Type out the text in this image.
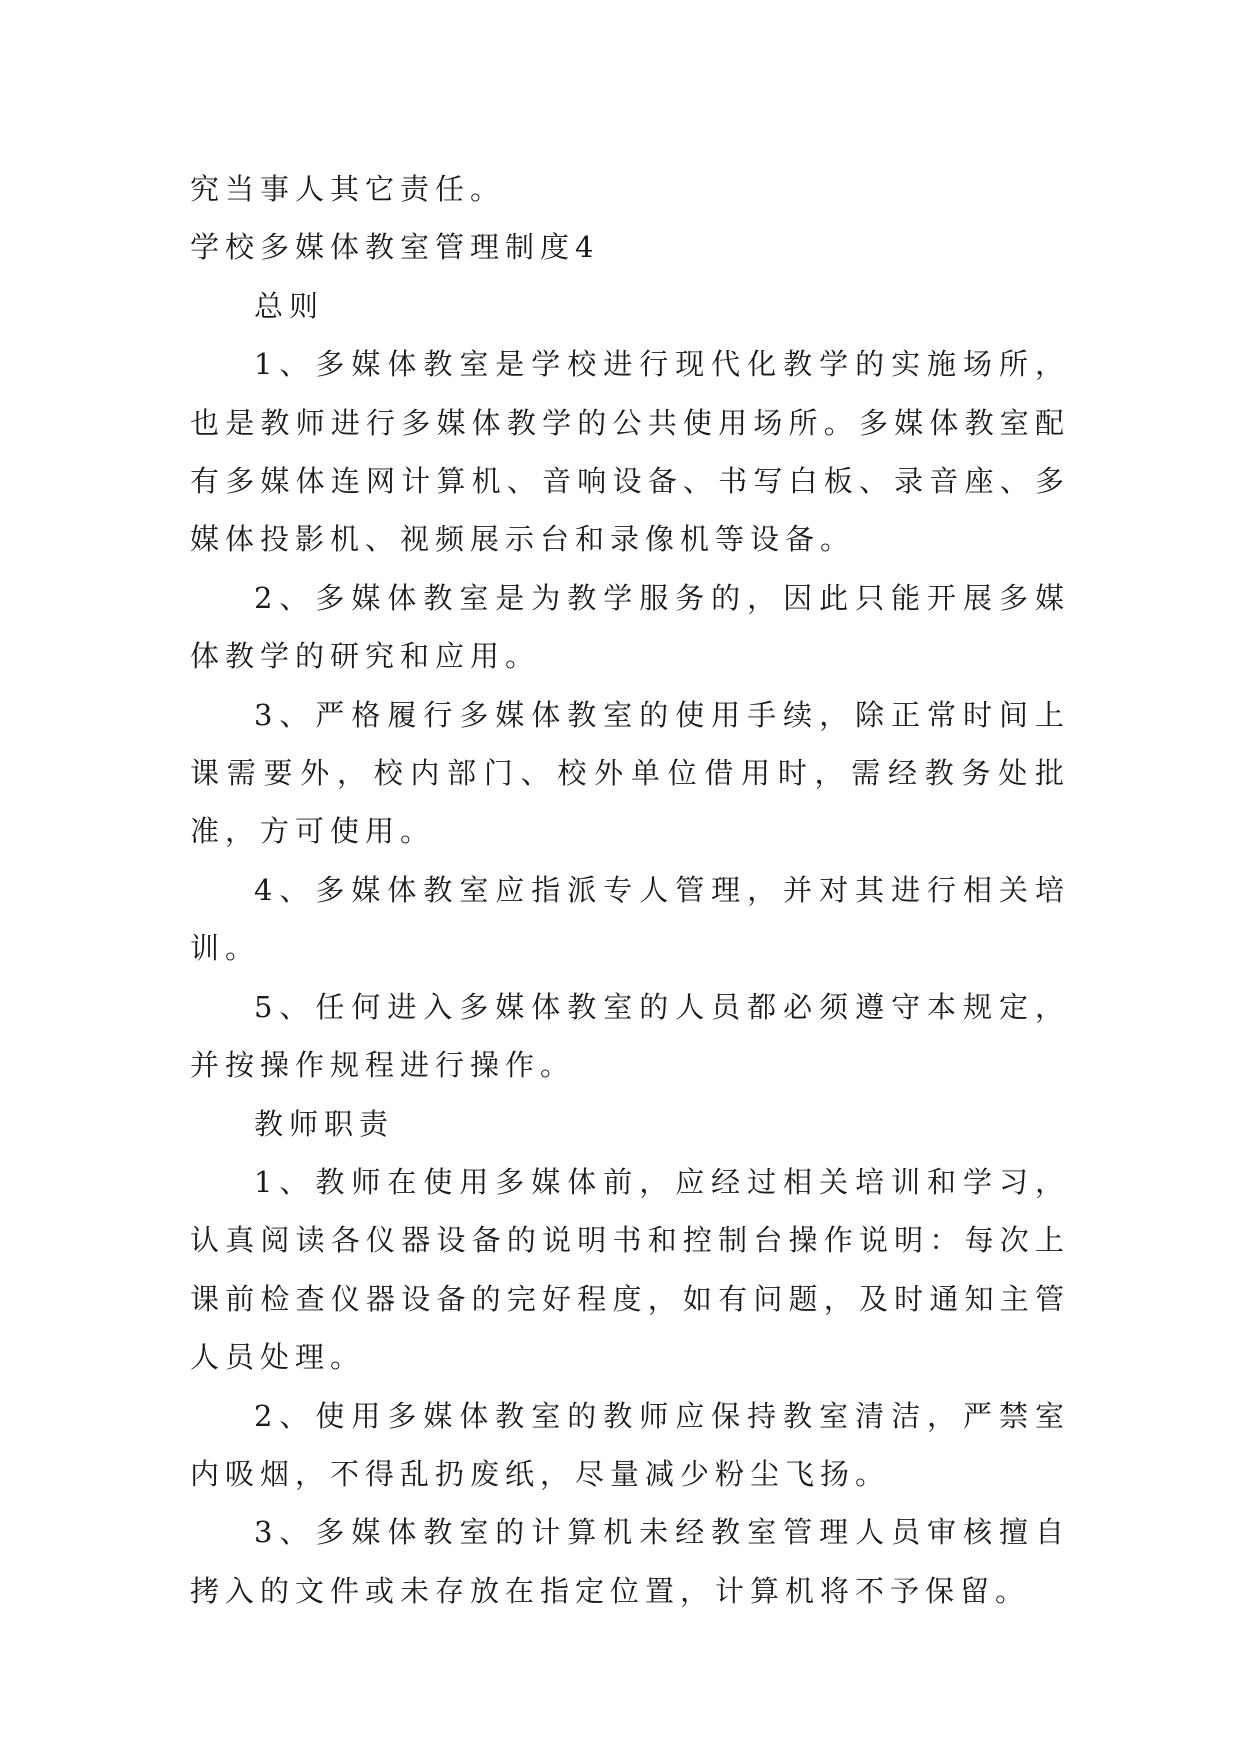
究当事人其它责任。

学校多媒体教室管理制度4

总则

1、多媒体教室是学校进行现代化教学的实施场所，也是教师进行多媒体教学的公共使用场所。多媒体教室配有多媒体连网计算机、音响设备、书写白板、录音座、多媒体投影机、视频展示台和录像机等设备。

2、多媒体教室是为教学服务的，因此只能开展多媒体教学的研究和应用。

3、严格履行多媒体教室的使用手续，除正常时间上课需要外，校内部门、校外单位借用时，需经教务处批准，方可使用。

4、多媒体教室应指派专人管理，并对其进行相关培训。

5、任何进入多媒体教室的人员都必须遵守本规定，并按操作规程进行操作。

教师职责

1、教师在使用多媒体前，应经过相关培训和学习，认真阅读各仪器设备的说明书和控制台操作说明：每次上课前检查仪器设备的完好程度，如有问题，及时通知主管人员处理。

2、使用多媒体教室的教师应保持教室清洁，严禁室内吸烟，不得乱扔废纸，尽量减少粉尘飞扬。

3、多媒体教室的计算机未经教室管理人员审核擅自拷入的文件或未存放在指定位置，计算机将不予保留。
